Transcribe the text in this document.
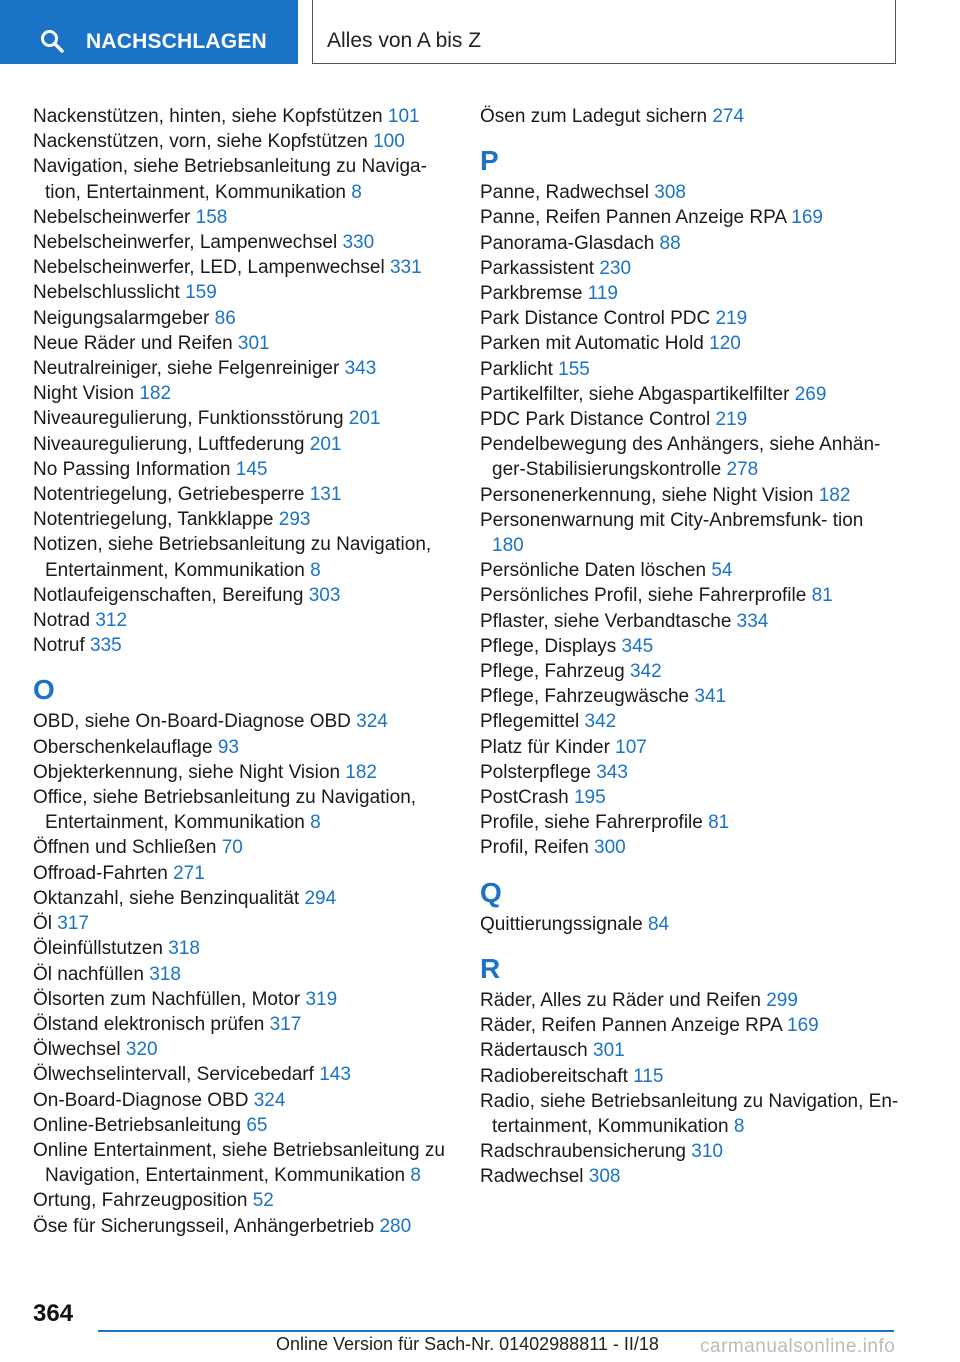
NACHSCHLAGEN	Alles von A bis Z
Nackenstützen, hinten, siehe Kopfstützen 101
Nackenstützen, vorn, siehe Kopfstützen 100
Navigation, siehe Betriebsanleitung zu Naviga‐ tion, Entertainment, Kommunikation 8
Nebelscheinwerfer 158
Nebelscheinwerfer, Lampenwechsel 330
Nebelscheinwerfer, LED, Lampenwechsel 331
Nebelschlusslicht 159
Neigungsalarmgeber 86
Neue Räder und Reifen 301
Neutralreiniger, siehe Felgenreiniger 343
Night Vision 182
Niveauregulierung, Funktionsstörung 201
Niveauregulierung, Luftfederung 201
No Passing Information 145
Notentriegelung, Getriebesperre 131
Notentriegelung, Tankklappe 293
Notizen, siehe Betriebsanleitung zu Navigation, Entertainment, Kommunikation 8
Notlaufeigenschaften, Bereifung 303
Notrad 312
Notruf 335
O
OBD, siehe On-Board-Diagnose OBD 324
Oberschenkelauflage 93
Objekterkennung, siehe Night Vision 182
Office, siehe Betriebsanleitung zu Navigation, Entertainment, Kommunikation 8
Öffnen und Schließen 70
Offroad-Fahrten 271
Oktanzahl, siehe Benzinqualität 294
Öl 317
Öleinfüllstutzen 318
Öl nachfüllen 318
Ölsorten zum Nachfüllen, Motor 319
Ölstand elektronisch prüfen 317
Ölwechsel 320
Ölwechselintervall, Servicebedarf 143
On-Board-Diagnose OBD 324
Online-Betriebsanleitung 65
Online Entertainment, siehe Betriebsanleitung zu Navigation, Entertainment, Kommunikation 8
Ortung, Fahrzeugposition 52
Öse für Sicherungsseil, Anhängerbetrieb 280
Ösen zum Ladegut sichern 274
P
Panne, Radwechsel 308
Panne, Reifen Pannen Anzeige RPA 169
Panorama-Glasdach 88
Parkassistent 230
Parkbremse 119
Park Distance Control PDC 219
Parken mit Automatic Hold 120
Parklicht 155
Partikelfilter, siehe Abgaspartikelfilter 269
PDC Park Distance Control 219
Pendelbewegung des Anhängers, siehe Anhän‐ ger-Stabilisierungskontrolle 278
Personenerkennung, siehe Night Vision 182
Personenwarnung mit City-Anbremsfunk‐ tion 180
Persönliche Daten löschen 54
Persönliches Profil, siehe Fahrerprofile 81
Pflaster, siehe Verbandtasche 334
Pflege, Displays 345
Pflege, Fahrzeug 342
Pflege, Fahrzeugwäsche 341
Pflegemittel 342
Platz für Kinder 107
Polsterpflege 343
PostCrash 195
Profile, siehe Fahrerprofile 81
Profil, Reifen 300
Q
Quittierungssignale 84
R
Räder, Alles zu Räder und Reifen 299
Räder, Reifen Pannen Anzeige RPA 169
Rädertausch 301
Radiobereitschaft 115
Radio, siehe Betriebsanleitung zu Navigation, En‐ tertainment, Kommunikation 8
Radschraubensicherung 310
Radwechsel 308
364
Online Version für Sach-Nr. 01402988811 - II/18 carmanualsonline.info
